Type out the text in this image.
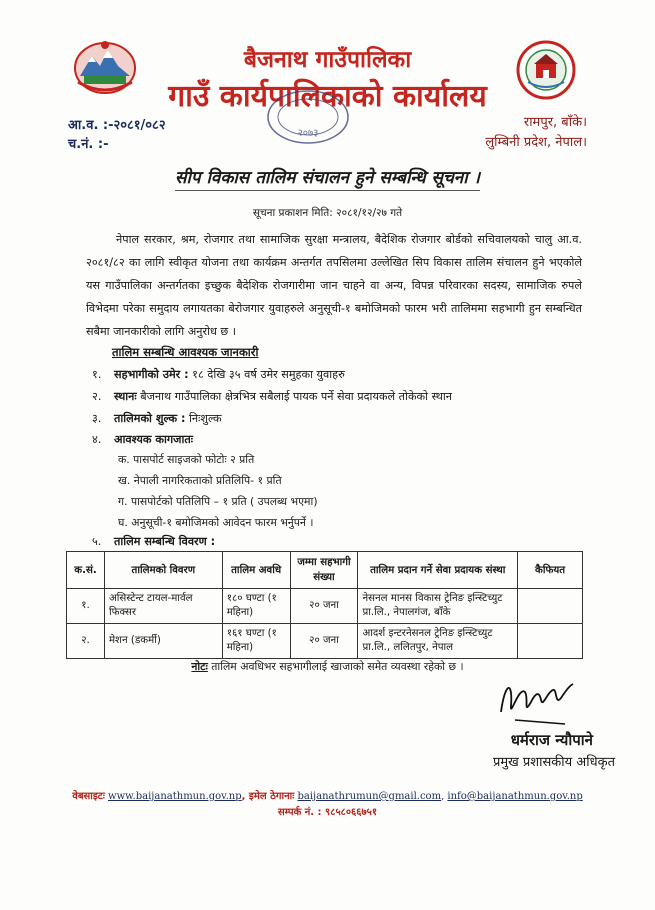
बैजनाथ गाउँपालिका
गाउँ कार्यपालिकाको कार्यालय
२०७३
आ.व. :-२०८१/०८२
च.नं. :-
रामपुर, बाँके।
लुम्बिनी प्रदेश, नेपाल।
सीप विकास तालिम संचालन हुने सम्बन्धि सूचना ।
सूचना प्रकाशन मिति: २०८१/१२/२७ गते
नेपाल सरकार, श्रम, रोजगार तथा सामाजिक सुरक्षा मन्त्रालय, बैदेशिक रोजगार बोर्डको सचिवालयको चालु आ.व. २०८१/८२ का लागि स्वीकृत योजना तथा कार्यक्रम अन्तर्गत तपसिलमा उल्लेखित सिप विकास तालिम संचालन हुने भएकोले यस गाउँपालिका अन्तर्गतका इच्छुक बैदेशिक रोजगारीमा जान चाहने वा अन्य, विपन्न परिवारका सदस्य, सामाजिक रुपले विभेदमा परेका समुदाय लगायतका बेरोजगार युवाहरुले अनुसूची-१ बमोजिमको फारम भरी तालिममा सहभागी हुन सम्बन्धित सबैमा जानकारीको लागि अनुरोध छ ।
तालिम सम्बन्धि आवश्यक जानकारी
१. सहभागीको उमेर : १८ देखि ३५ वर्ष उमेर समुहका युवाहरु
२. स्थानः बैजनाथ गाउँपालिका क्षेत्रभित्र सबैलाई पायक पर्ने सेवा प्रदायकले तोकेको स्थान
३. तालिमको शुल्क : निःशुल्क
४. आवश्यक कागजातः
क. पासपोर्ट साइजको फोटोः २ प्रति
ख. नेपाली नागरिकताको प्रतिलिपि- १ प्रति
ग. पासपोर्टको पतिलिपि – १ प्रति ( उपलब्ध भएमा)
घ. अनुसूची-१ बमोजिमको आवेदन फारम भर्नुपर्ने ।
५. तालिम सम्बन्धि विवरण :
क.सं.	तालिमको विवरण	तालिम अवधि	जम्मा सहभागी संख्या	तालिम प्रदान गर्ने सेवा प्रदायक संस्था	कैफियत
१.	असिस्टेन्ट टायल-मार्वल फिक्सर	१८० घण्टा (१ महिना)	२० जना	नेसनल मानस विकास ट्रेनिङ इन्स्टिच्युट प्रा.लि., नेपालगंज, बाँके	
२.	मेशन (डकर्मी)	१६१ घण्टा (१ महिना)	२० जना	आदर्श इन्टरनेसनल ट्रेनिङ इन्स्टिच्युट प्रा.लि., ललितपुर, नेपाल	
नोटः तालिम अवधिभर सहभागीलाई खाजाको समेत व्यवस्था रहेको छ ।
धर्मराज न्यौपाने
प्रमुख प्रशासकीय अधिकृत
वेबसाइटः www.baijanathmun.gov.np, इमेल ठेगानाः baijanathrumun@gmail.com, info@baijanathmun.gov.np
सम्पर्क नं. : ९८५८०६६७५१
